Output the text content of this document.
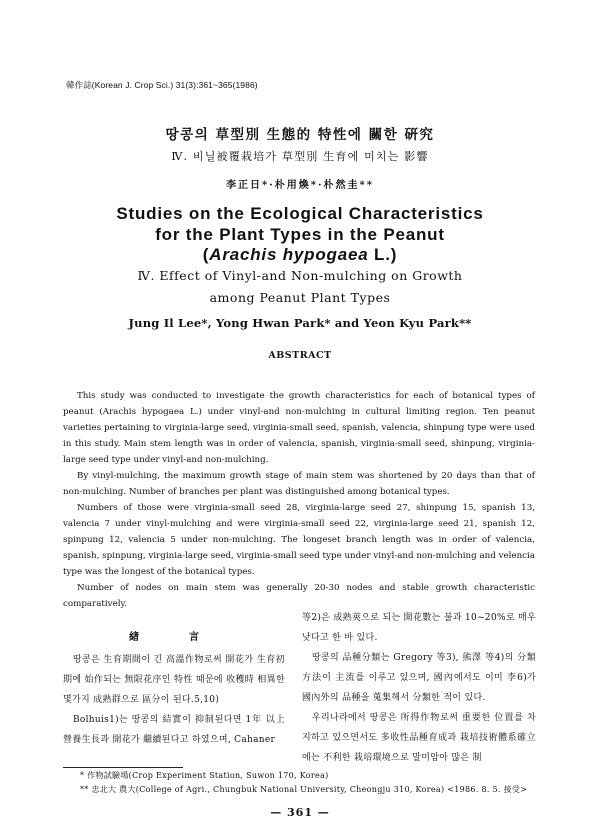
韓作誌(Korean J. Crop Sci.) 31(3):361~365(1986)
땅콩의 草型別 生態的 特性에 關한 硏究
Ⅳ. 비닐被覆栽培가 草型別 生育에 미치는 影響
李正日*·朴用煥*·朴然圭**
Studies on the Ecological Characteristics
for the Plant Types in the Peanut
(Arachis hypogaea L.)
Ⅳ. Effect of Vinyl-and Non-mulching on Growth
among Peanut Plant Types
Jung Il Lee*, Yong Hwan Park* and Yeon Kyu Park**
ABSTRACT

This study was conducted to investigate the growth characteristics for each of botanical types of peanut (Arachis hypogaea L.) under vinyl-and non-mulching in cultural limiting region. Ten peanut varieties pertaining to virginia-large seed, virginia-small seed, spanish, valencia, shinpung type were used in this study. Main stem length was in order of valencia, spanish, virginia-small seed, shinpung, virginia-large seed type under vinyl-and non-mulching.

By vinyl-mulching, the maximum growth stage of main stem was shortened by 20 days than that of non-mulching. Number of branches per plant was distinguished among botanical types.

Numbers of those were virginia-small seed 28, virginia-large seed 27, shinpung 15, spanish 13, valencia 7 under vinyl-mulching and were virginia-small seed 22, virginia-large seed 21, spanish 12, spinpung 12, valencia 5 under non-mulching. The longeset branch length was in order of valencia, spanish, spinpung, virginia-large seed, virginia-small seed type under vinyl-and non-mulching and velencia type was the longest of the botanical types.

Number of nodes on main stem was generally 20-30 nodes and stable growth characteristic comparatively.

緖　言

땅콩은 生育期間이 긴 高溫作物로써 開花가 生育初期에 始作되는 無限花序인 特性 때문에 收穫時 相異한 몇가지 成熟群으로 區分이 된다.5,10)

Bolhuis1)는 땅콩의 結實이 抑制된다면 1年 以上 營養生長과 開花가 繼續된다고 하였으며, Cahaner

等2)은 成熟莢으로 되는 開花數는 불과 10~20%로 매우 낮다고 한 바 있다.

땅콩의 品種分類는 Gregory 等3), 熊澤 等4)의 分類方法이 主流를 이루고 있으며, 國內에서도 이미 李6)가 國內外의 品種을 蒐集해서 分類한 적이 있다.

우리나라에서 땅콩은 所得作物로써 重要한 位置를 차지하고 있으면서도 多收性品種育成과 栽培技術體系確立에는 不利한 栽培環境으로 말미암아 많은 制

* 作物試驗場(Crop Experiment Station, Suwon 170, Korea)
** 忠北大 農大(College of Agri., Chungbuk National University, Cheongju 310, Korea) <1986. 8. 5. 接受>
— 361 —
